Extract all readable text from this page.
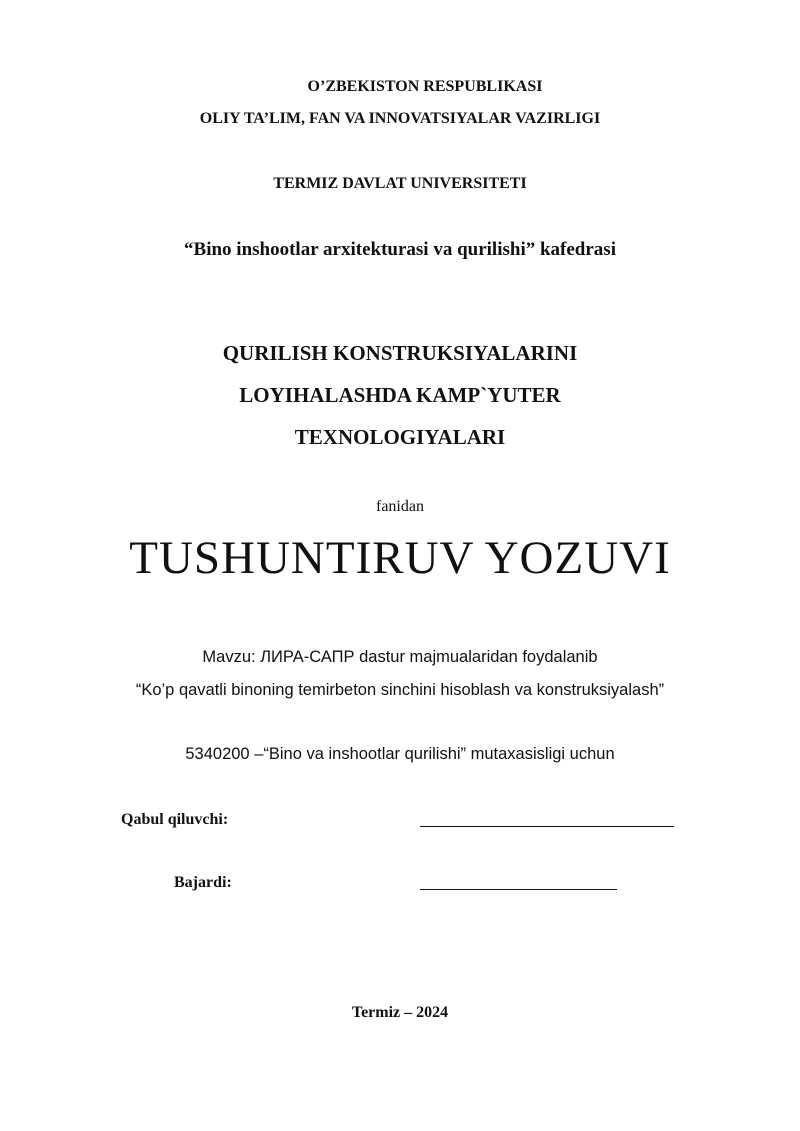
O’ZBEKISTON RESPUBLIKASI
OLIY TA’LIM, FAN VA INNOVATSIYALAR VAZIRLIGI
TERMIZ DAVLAT UNIVERSITETI
“Bino inshootlar arxitekturasi va qurilishi” kafedrasi
QURILISH KONSTRUKSIYALARINI
LOYIHALASHDA KAMP`YUTER
TEXNOLOGIYALARI
fanidan
TUSHUNTIRUV YOZUVI
Mavzu: ЛИРА-САПР dastur majmualaridan foydalanib
“Ko’p qavatli binoning temirbeton sinchini hisoblash va konstruksiyalash”
5340200 –“Bino va inshootlar qurilishi” mutaxasisligi uchun
Qabul qiluvchi:
Bajardi:
Termiz – 2024
